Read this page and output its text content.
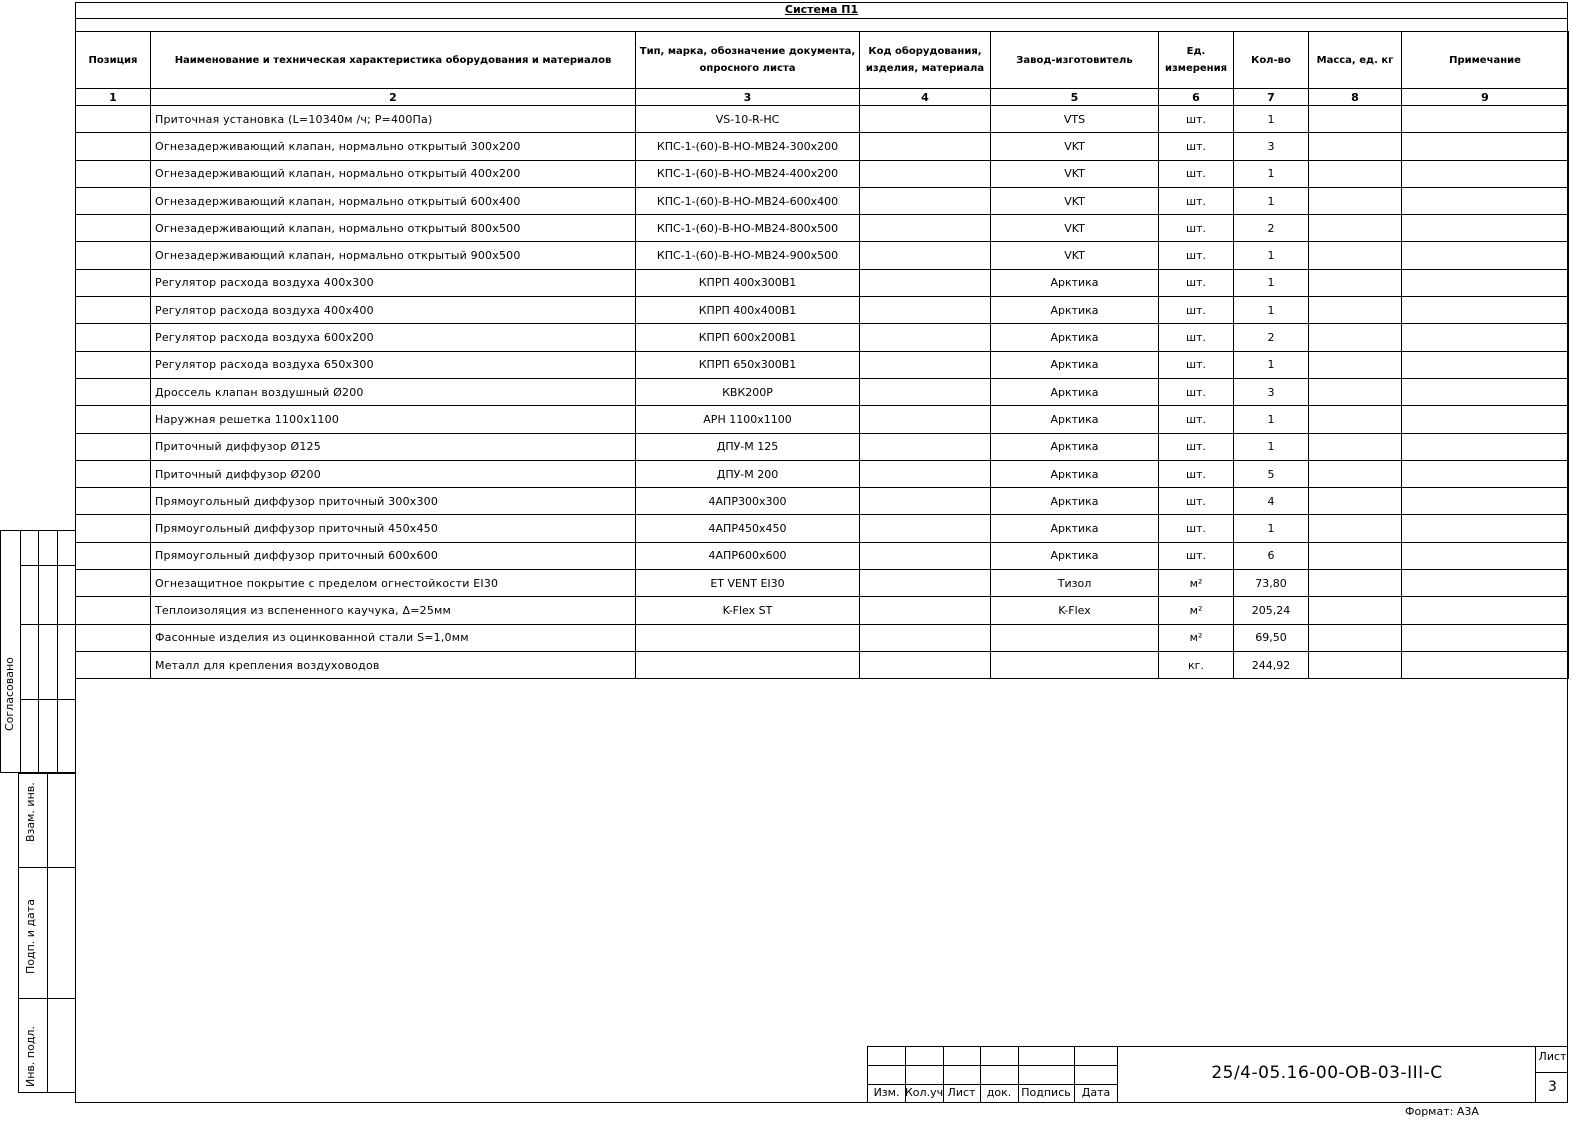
Система П1
Позиция	Наименование и техническая характеристика оборудования и материалов	Тип, марка, обозначение документа, опросного листа	Код оборудования, изделия, материала	Завод-изготовитель	Ед. измерения	Кол-во	Масса, ед. кг	Примечание
1	2	3	4	5	6	7	8	9
	Приточная установка (L=10340м /ч; P=400Па)	VS-10-R-HC		VTS	шт.	1		
	Огнезадерживающий клапан, нормально открытый 300х200	КПС-1-(60)-В-НО-MB24-300х200		VKT	шт.	3		
	Огнезадерживающий клапан, нормально открытый 400х200	КПС-1-(60)-В-НО-MB24-400х200		VKT	шт.	1		
	Огнезадерживающий клапан, нормально открытый 600х400	КПС-1-(60)-В-НО-MB24-600х400		VKT	шт.	1		
	Огнезадерживающий клапан, нормально открытый 800х500	КПС-1-(60)-В-НО-MB24-800х500		VKT	шт.	2		
	Огнезадерживающий клапан, нормально открытый 900х500	КПС-1-(60)-В-НО-MB24-900х500		VKT	шт.	1		
	Регулятор расхода воздуха 400х300	КПРП 400х300В1		Арктика	шт.	1		
	Регулятор расхода воздуха 400х400	КПРП 400х400В1		Арктика	шт.	1		
	Регулятор расхода воздуха 600х200	КПРП 600х200В1		Арктика	шт.	2		
	Регулятор расхода воздуха 650х300	КПРП 650х300В1		Арктика	шт.	1		
	Дроссель клапан воздушный Ø200	КВК200Р		Арктика	шт.	3		
	Наружная решетка 1100х1100	АРН 1100х1100		Арктика	шт.	1		
	Приточный диффузор Ø125	ДПУ-М 125		Арктика	шт.	1		
	Приточный диффузор Ø200	ДПУ-М 200		Арктика	шт.	5		
	Прямоугольный диффузор приточный 300х300	4АПР300х300		Арктика	шт.	4		
	Прямоугольный диффузор приточный 450х450	4АПР450х450		Арктика	шт.	1		
	Прямоугольный диффузор приточный 600х600	4АПР600х600		Арктика	шт.	6		
	Огнезащитное покрытие с пределом огнестойкости EI30	ET VENT EI30		Тизол	м²	73,80		
	Теплоизоляция из вспененного каучука, Δ=25мм	K-Flex ST		K-Flex	м²	205,24		
	Фасонные изделия из оцинкованной стали S=1,0мм				м²	69,50		
	Металл для крепления воздуховодов				кг.	244,92		
Согласовано
Взам. инв.
Подп. и дата
Инв. подл.
Изм. Кол.уч Лист	док. Подпись	Дата
25/4-05.16-00-ОВ-03-III-С
Лист
3
Формат: А3А
